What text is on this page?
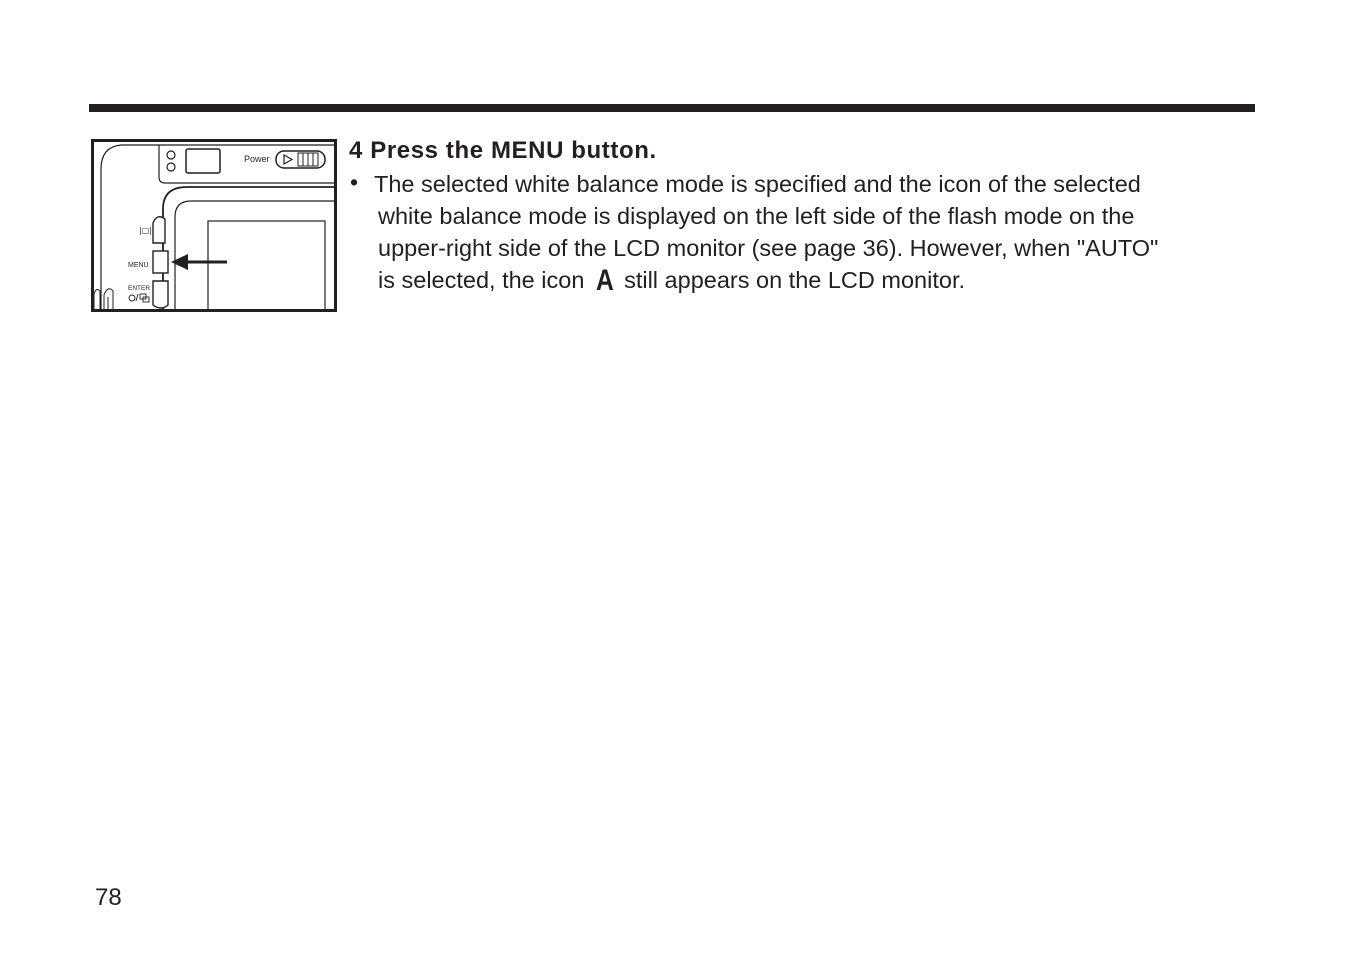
Power
|▢|
MENU
ENTER
4 Press the MENU button.
• The selected white balance mode is specified and the icon of the selected
white balance mode is displayed on the left side of the flash mode on the
upper-right side of the LCD monitor (see page 36). However, when "AUTO"
is selected, the icon A still appears on the LCD monitor.
78
